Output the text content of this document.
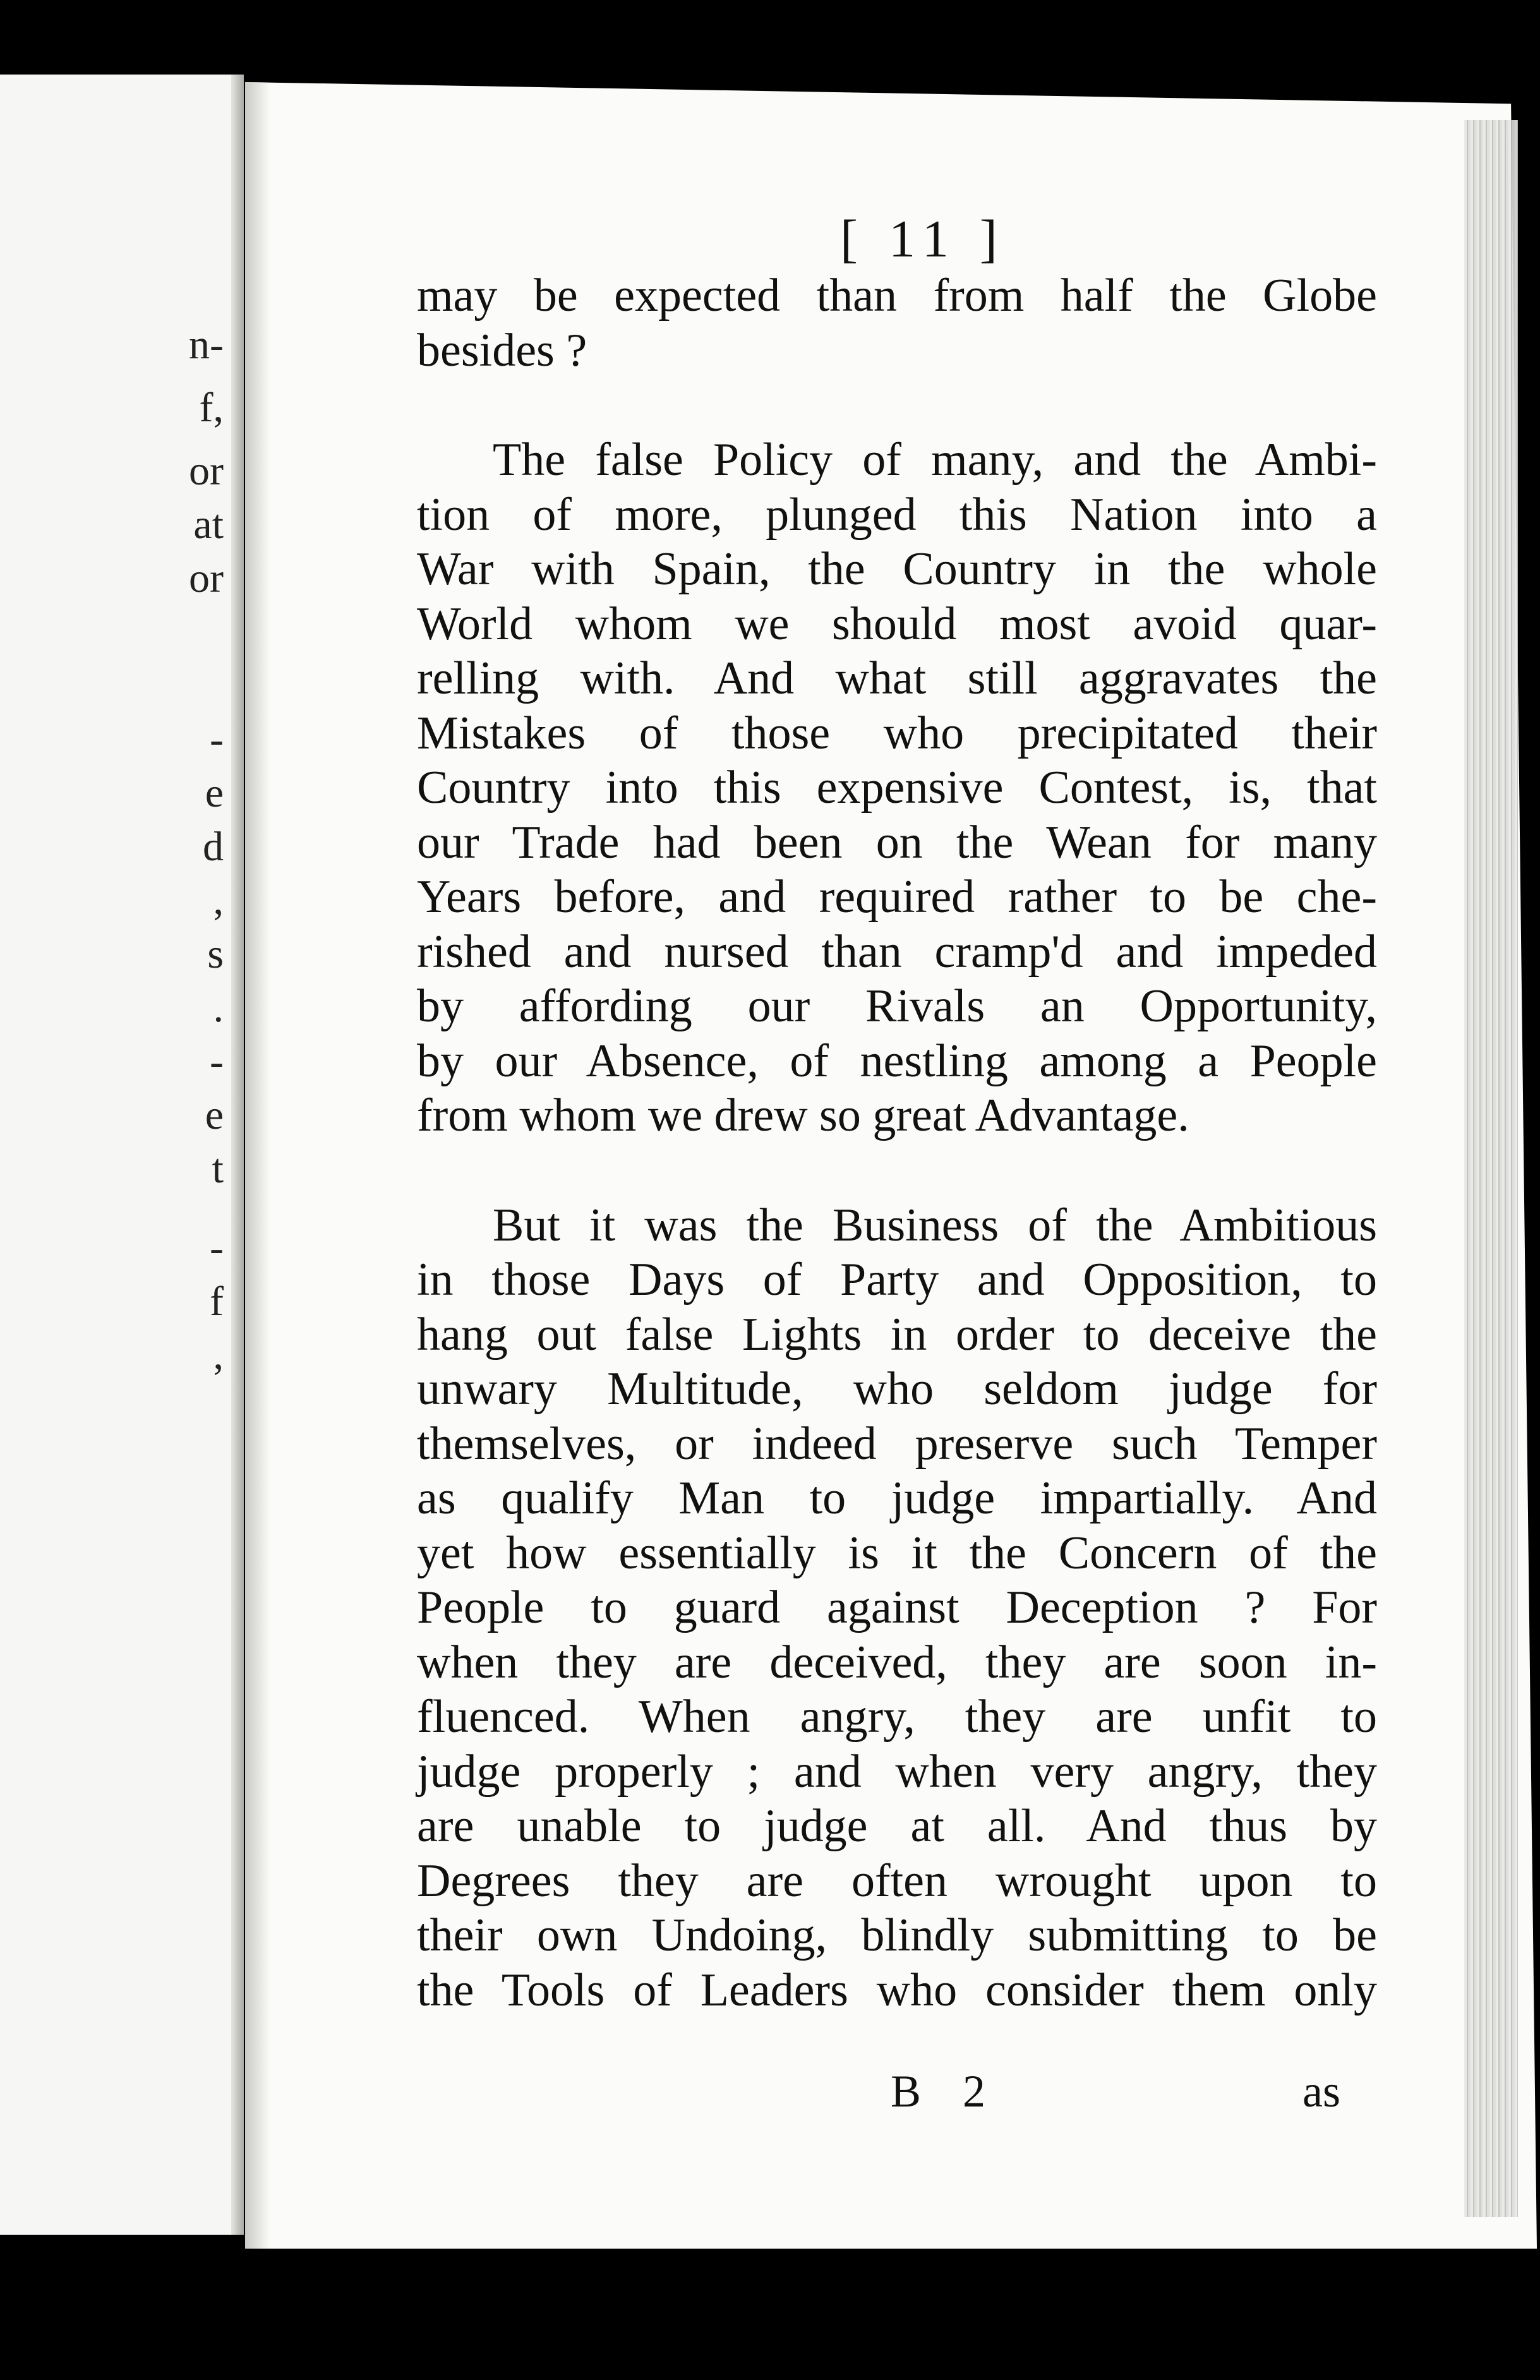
n-
f,
or
at
or
-
e
d
,
s
.
-
e
t
-
f
,
[ 11 ]
may be expected than from half the Globe
besides ?
The false Policy of many, and the Ambi-
tion of more, plunged this Nation into a
War with Spain, the Country in the whole
World whom we should most avoid quar-
relling with. And what still aggravates the
Mistakes of those who precipitated their
Country into this expensive Contest, is, that
our Trade had been on the Wean for many
Years before, and required rather to be che-
rished and nursed than cramp'd and impeded
by affording our Rivals an Opportunity,
by our Absence, of nestling among a People
from whom we drew so great Advantage.
But it was the Business of the Ambitious
in those Days of Party and Opposition, to
hang out false Lights in order to deceive the
unwary Multitude, who seldom judge for
themselves, or indeed preserve such Temper
as qualify Man to judge impartially. And
yet how essentially is it the Concern of the
People to guard against Deception ? For
when they are deceived, they are soon in-
fluenced. When angry, they are unfit to
judge properly ; and when very angry, they
are unable to judge at all. And thus by
Degrees they are often wrought upon to
their own Undoing, blindly submitting to be
the Tools of Leaders who consider them only
B 2	as
